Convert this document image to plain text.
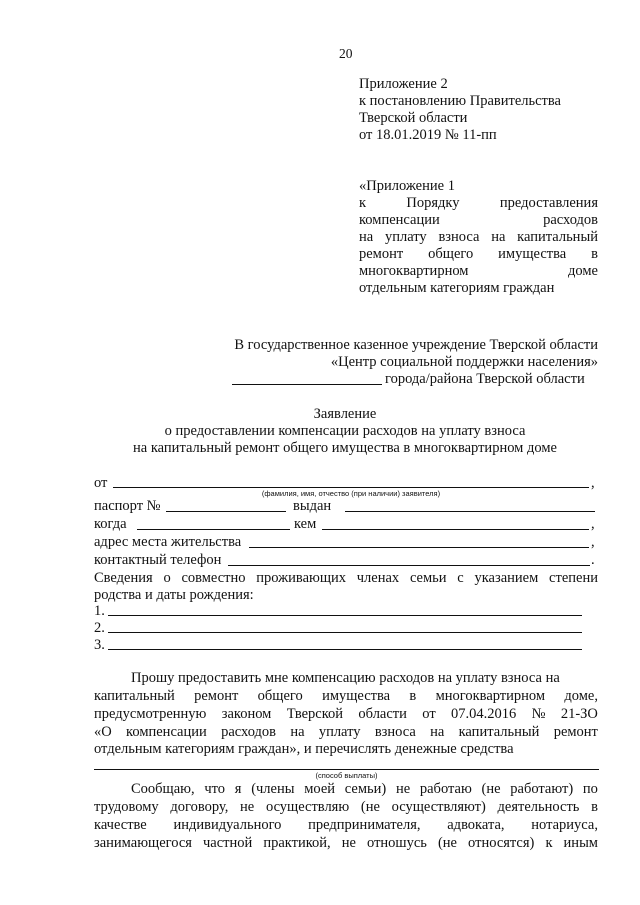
20
Приложение 2
к постановлению Правительства
Тверской области
от 18.01.2019 № 11-пп
«Приложение 1
к	Порядку	предоставления
компенсации	расходов
на уплату взноса на капитальный
ремонт общего имущества в
многоквартирном	доме
отдельным категориям граждан
В государственное казенное учреждение Тверской области
«Центр социальной поддержки населения»
города/района Тверской области
Заявление
о предоставлении компенсации расходов на уплату взноса
на капитальный ремонт общего имущества в многоквартирном доме
от	,
(фамилия, имя, отчество (при наличии) заявителя)
паспорт №	выдан
когда	кем	,
адрес места жительства	,
контактный телефон	.
Сведения о совместно проживающих членах семьи с указанием степени
родства и даты рождения:
1.
2.
3.
Прошу предоставить мне компенсацию расходов на уплату взноса на
капитальный ремонт общего имущества в многоквартирном доме,
предусмотренную законом Тверской области от 07.04.2016 № 21-ЗО
«О компенсации расходов на уплату взноса на капитальный ремонт
отдельным категориям граждан», и перечислять денежные средства
(способ выплаты)
Сообщаю, что я (члены моей семьи) не работаю (не работают) по
трудовому договору, не осуществляю (не осуществляют) деятельность в
качестве индивидуального предпринимателя, адвоката, нотариуса,
занимающегося частной практикой, не отношусь (не относятся) к иным
